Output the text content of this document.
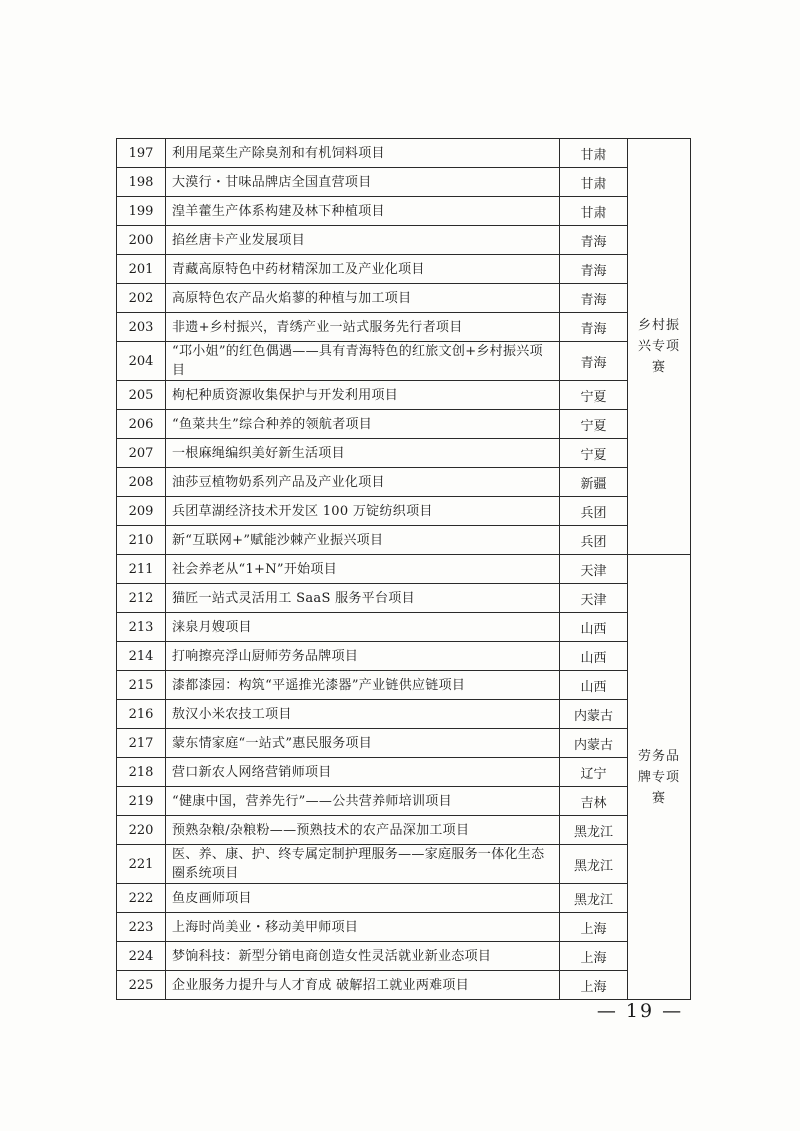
197	利用尾菜生产除臭剂和有机饲料项目	甘肃	乡村振兴专项赛
198	大漠行・甘味品牌店全国直营项目	甘肃	
199	湟羊藿生产体系构建及林下种植项目	甘肃	
200	掐丝唐卡产业发展项目	青海	
201	青藏高原特色中药材精深加工及产业化项目	青海	
202	高原特色农产品火焰蓼的种植与加工项目	青海	
203	非遗+乡村振兴，青绣产业一站式服务先行者项目	青海	
204	“邛小姐”的红色偶遇——具有青海特色的红旅文创+乡村振兴项目	青海	
205	枸杞种质资源收集保护与开发利用项目	宁夏	
206	“鱼菜共生”综合种养的领航者项目	宁夏	
207	一根麻绳编织美好新生活项目	宁夏	
208	油莎豆植物奶系列产品及产业化项目	新疆	
209	兵团草湖经济技术开发区 100 万锭纺织项目	兵团	
210	新“互联网+”赋能沙棘产业振兴项目	兵团	
211	社会养老从“1+N”开始项目	天津	劳务品牌专项赛
212	猫匠一站式灵活用工 SaaS 服务平台项目	天津	
213	涞泉月嫂项目	山西	
214	打响擦亮浮山厨师劳务品牌项目	山西	
215	漆都漆园：构筑“平遥推光漆器”产业链供应链项目	山西	
216	敖汉小米农技工项目	内蒙古	
217	蒙东情家庭“一站式”惠民服务项目	内蒙古	
218	营口新农人网络营销师项目	辽宁	
219	“健康中国，营养先行”——公共营养师培训项目	吉林	
220	预熟杂粮/杂粮粉——预熟技术的农产品深加工项目	黑龙江	
221	医、养、康、护、终专属定制护理服务——家庭服务一体化生态圈系统项目	黑龙江	
222	鱼皮画师项目	黑龙江	
223	上海时尚美业・移动美甲师项目	上海	
224	梦饷科技：新型分销电商创造女性灵活就业新业态项目	上海	
225	企业服务力提升与人才育成 破解招工就业两难项目	上海	
— 19 —
